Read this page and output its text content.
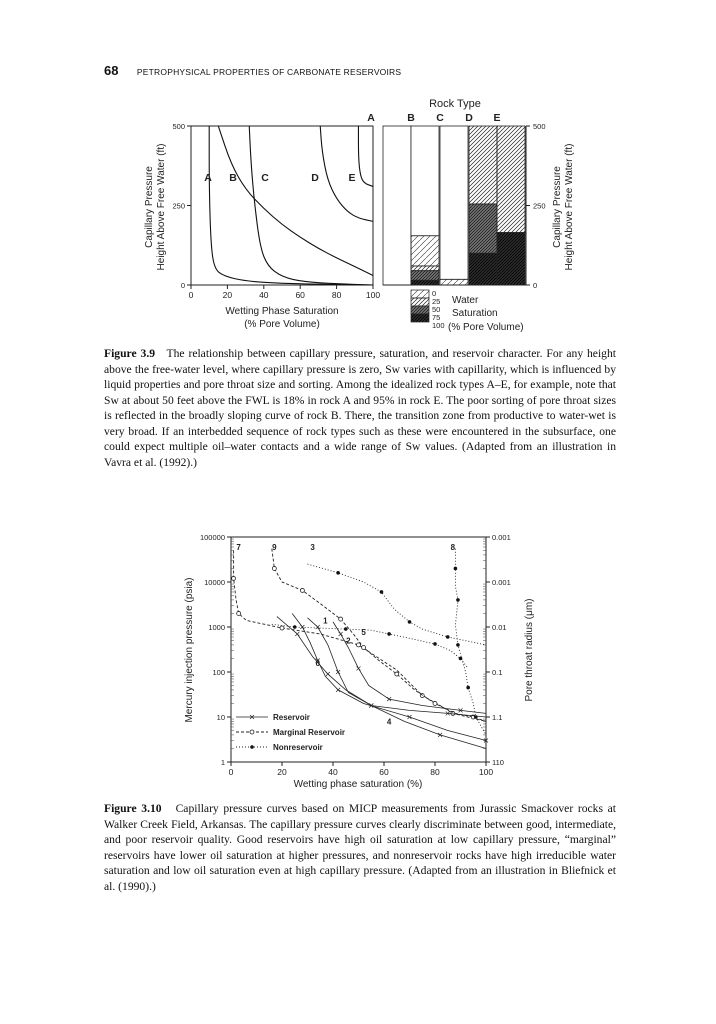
68 PETROPHYSICAL PROPERTIES OF CARBONATE RESERVOIRS
0	20	40	60	80	100
0
250
500
A B C	D	E
Capillary Pressure Height Above Free Water (ft)
Wetting Phase Saturation
(% Pore Volume)
Rock Type
A	B C D E
0
250
500
Capillary Pressure Height Above Free Water (ft)
0
25
50
75
100
Water
Saturation
(% Pore Volume)
Figure 3.9 The relationship between capillary pressure, saturation, and reservoir character. For any height above the free-water level, where capillary pressure is zero, Sw varies with capillarity, which is influenced by liquid properties and pore throat size and sorting. Among the idealized rock types A–E, for example, note that Sw at about 50 feet above the FWL is 18% in rock A and 95% in rock E. The poor sorting of pore throat sizes is reflected in the broadly sloping curve of rock B. There, the transition zone from productive to water-wet is very broad. If an interbedded sequence of rock types such as these were encountered in the subsurface, one could expect multiple oil–water contacts and a wide range of Sw values. (Adapted from an illustration in Vavra et al. (1992).)
1	110
10	1.1
100	0.1
1000	0.01
10000	0.001
100000	0.001
0	20	40	60	80	100
7	9	3	8
1
5
2
6
4
Reservoir
Marginal Reservoir
Nonreservoir
Mercury injection pressure (psia)	Pore throat radius (μm)
Wetting phase saturation (%)
Figure 3.10 Capillary pressure curves based on MICP measurements from Jurassic Smackover rocks at Walker Creek Field, Arkansas. The capillary pressure curves clearly discriminate between good, intermediate, and poor reservoir quality. Good reservoirs have high oil saturation at low capillary pressure, “marginal” reservoirs have lower oil saturation at higher pressures, and nonreservoir rocks have high irreducible water saturation and low oil saturation even at high capillary pressure. (Adapted from an illustration in Bliefnick et al. (1990).)
